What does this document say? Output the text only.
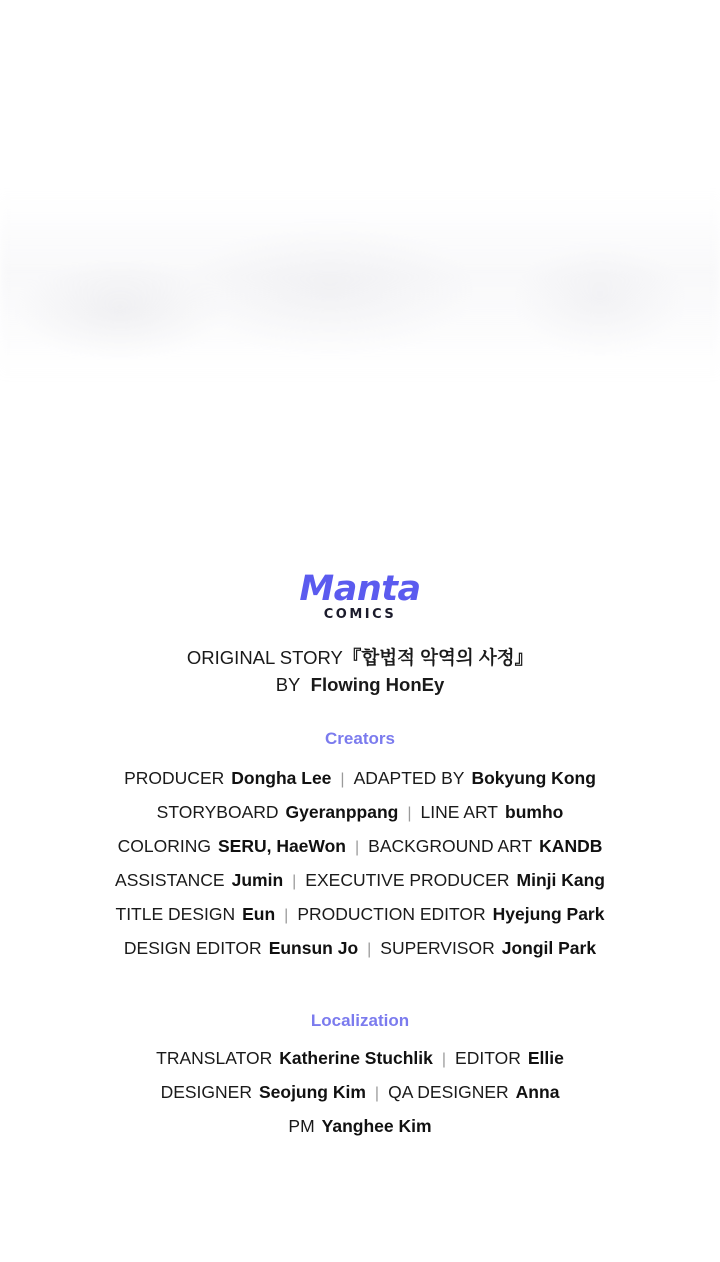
Manta
COMICS
ORIGINAL STORY『합법적 악역의 사정』
BY Flowing HonEy
Creators
PRODUCER Dongha Lee | ADAPTED BY Bokyung Kong
STORYBOARD Gyeranppang | LINE ART bumho
COLORING SERU, HaeWon | BACKGROUND ART KANDB
ASSISTANCE Jumin | EXECUTIVE PRODUCER Minji Kang
TITLE DESIGN Eun | PRODUCTION EDITOR Hyejung Park
DESIGN EDITOR Eunsun Jo | SUPERVISOR Jongil Park
Localization
TRANSLATOR Katherine Stuchlik | EDITOR Ellie
DESIGNER Seojung Kim | QA DESIGNER Anna
PM Yanghee Kim
